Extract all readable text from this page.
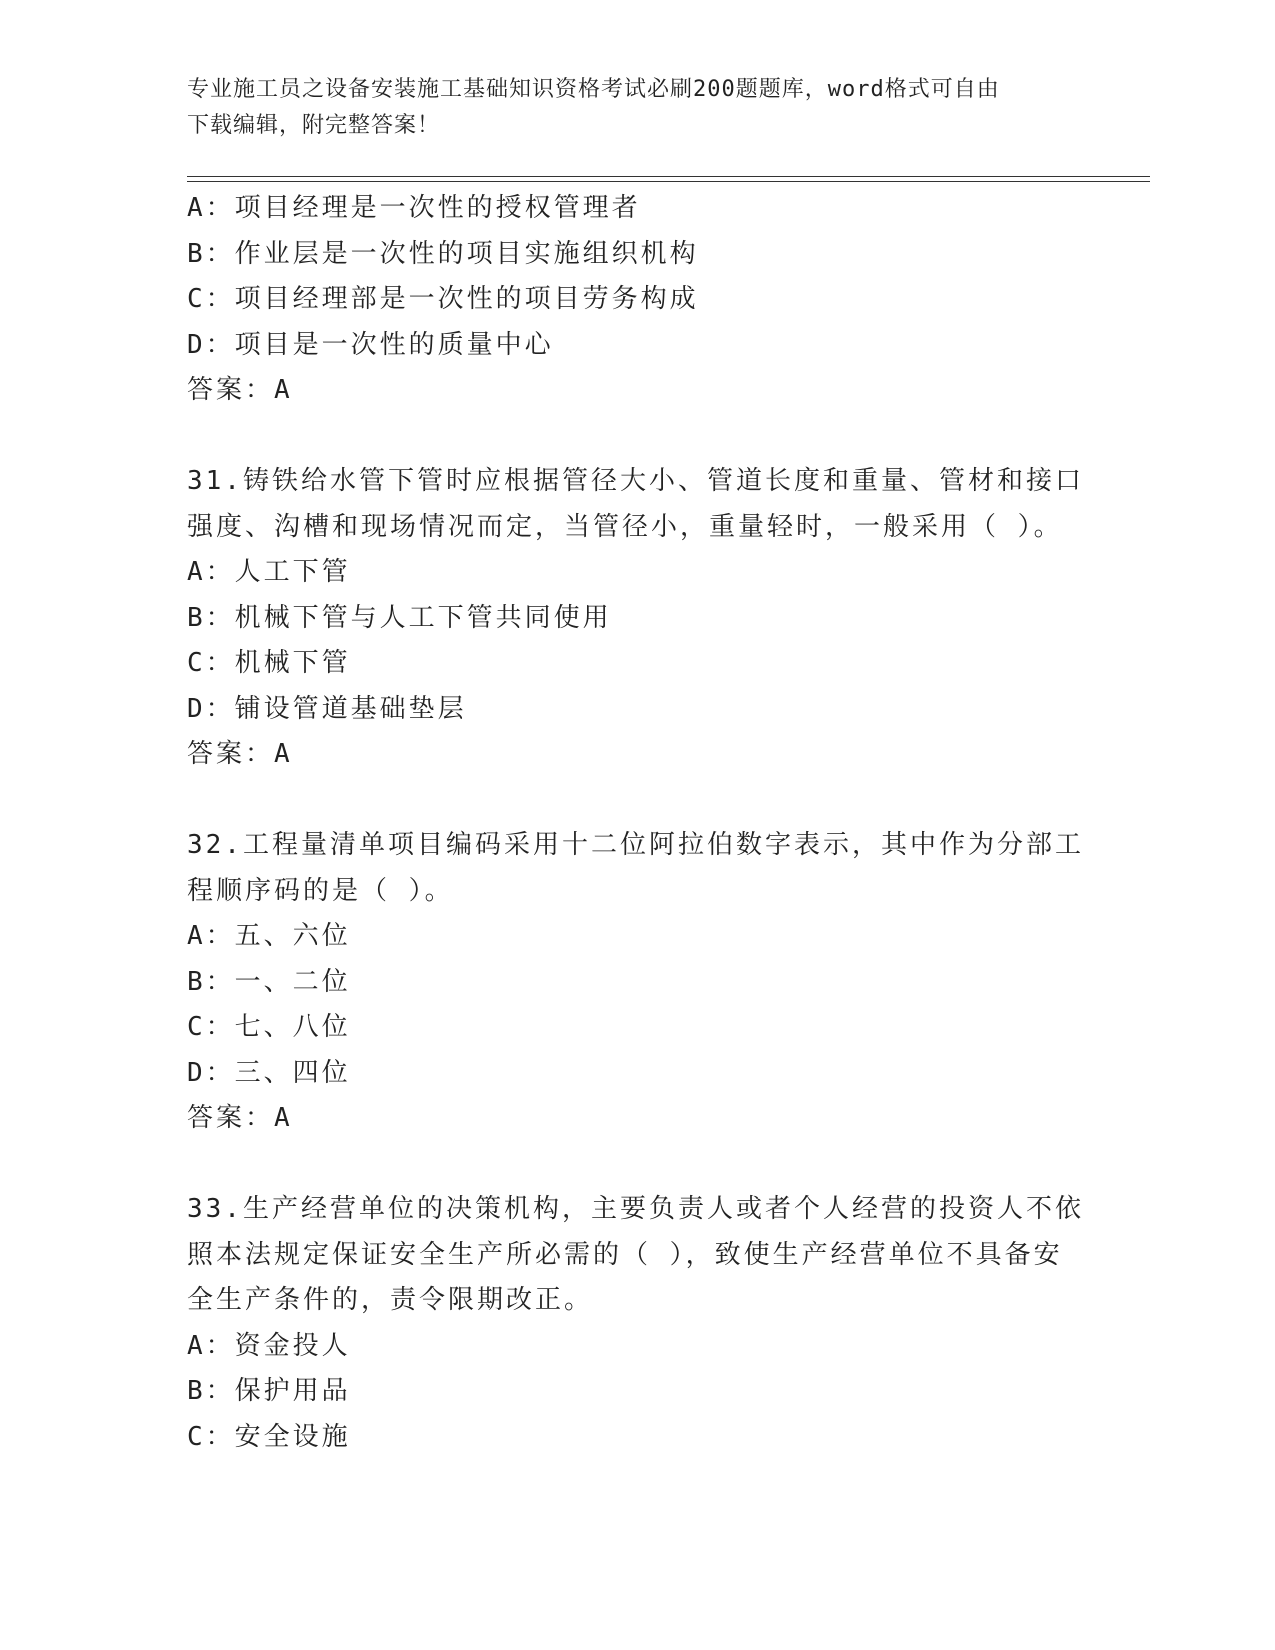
专业施工员之设备安装施工基础知识资格考试必刷200题题库，word格式可自由
下载编辑，附完整答案！
A：项目经理是一次性的授权管理者
B：作业层是一次性的项目实施组织机构
C：项目经理部是一次性的项目劳务构成
D：项目是一次性的质量中心
答案：A
31.铸铁给水管下管时应根据管径大小、管道长度和重量、管材和接口
强度、沟槽和现场情况而定，当管径小，重量轻时，一般采用（ ）。
A：人工下管
B：机械下管与人工下管共同使用
C：机械下管
D：铺设管道基础垫层
答案：A
32.工程量清单项目编码采用十二位阿拉伯数字表示，其中作为分部工
程顺序码的是（ ）。
A：五、六位
B：一、二位
C：七、八位
D：三、四位
答案：A
33.生产经营单位的决策机构，主要负责人或者个人经营的投资人不依
照本法规定保证安全生产所必需的（ ），致使生产经营单位不具备安
全生产条件的，责令限期改正。
A：资金投人
B：保护用品
C：安全设施
